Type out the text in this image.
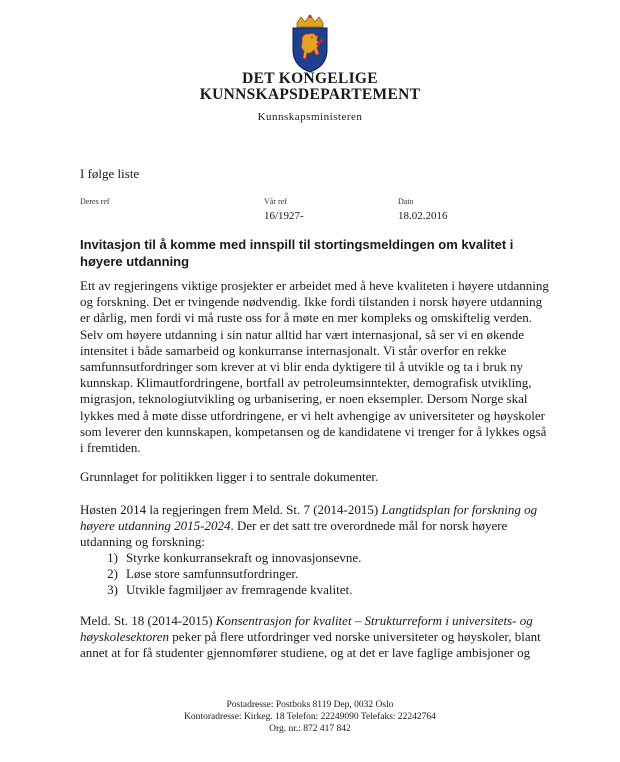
DET KONGELIGE
KUNNSKAPSDEPARTEMENT
Kunnskapsministeren
I følge liste
Deres ref	Vår ref
16/1927-
Dato
18.02.2016
Invitasjon til å komme med innspill til stortingsmeldingen om kvalitet i høyere utdanning

Ett av regjeringens viktige prosjekter er arbeidet med å heve kvaliteten i høyere utdanning og forskning. Det er tvingende nødvendig. Ikke fordi tilstanden i norsk høyere utdanning er dårlig, men fordi vi må ruste oss for å møte en mer kompleks og omskiftelig verden. Selv om høyere utdanning i sin natur alltid har vært internasjonal, så ser vi en økende intensitet i både samarbeid og konkurranse internasjonalt. Vi står overfor en rekke samfunnsutfordringer som krever at vi blir enda dyktigere til å utvikle og ta i bruk ny kunnskap. Klimautfordringene, bortfall av petroleumsinntekter, demografisk utvikling, migrasjon, teknologiutvikling og urbanisering, er noen eksempler. Dersom Norge skal lykkes med å møte disse utfordringene, er vi helt avhengige av universiteter og høyskoler som leverer den kunnskapen, kompetansen og de kandidatene vi trenger for å lykkes også i fremtiden.

Grunnlaget for politikken ligger i to sentrale dokumenter.

Høsten 2014 la regjeringen frem Meld. St. 7 (2014-2015) Langtidsplan for forskning og høyere utdanning 2015-2024. Der er det satt tre overordnede mål for norsk høyere utdanning og forskning:

1) Styrke konkurransekraft og innovasjonsevne.
2) Løse store samfunnsutfordringer.
3) Utvikle fagmiljøer av fremragende kvalitet.

Meld. St. 18 (2014-2015) Konsentrasjon for kvalitet – Strukturreform i universitets- og høyskolesektoren peker på flere utfordringer ved norske universiteter og høyskoler, blant annet at for få studenter gjennomfører studiene, og at det er lave faglige ambisjoner og

Postadresse: Postboks 8119 Dep, 0032 Oslo
Kontoradresse: Kirkeg. 18 Telefon: 22249090 Telefaks: 22242764
Org. nr.: 872 417 842
